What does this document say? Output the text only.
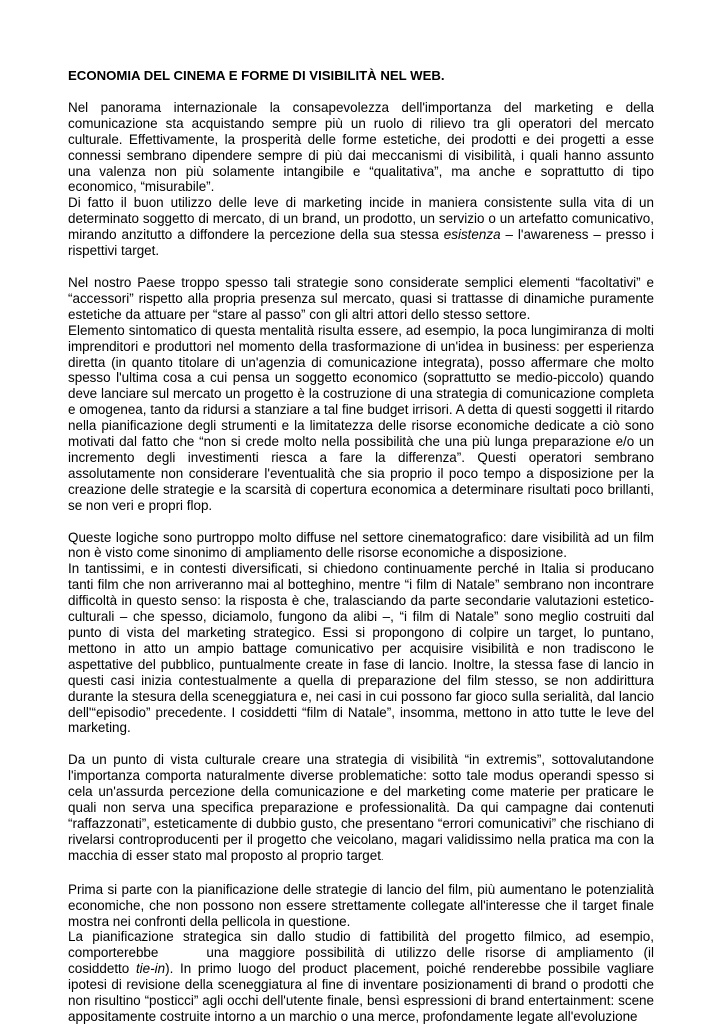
ECONOMIA DEL CINEMA E FORME DI VISIBILITÀ NEL WEB.

Nel panorama internazionale la consapevolezza dell'importanza del marketing e della comunicazione sta acquistando sempre più un ruolo di rilievo tra gli operatori del mercato culturale. Effettivamente, la prosperità delle forme estetiche, dei prodotti e dei progetti a esse connessi sembrano dipendere sempre di più dai meccanismi di visibilità, i quali hanno assunto una valenza non più solamente intangibile e “qualitativa”, ma anche e soprattutto di tipo economico, “misurabile”.

Di fatto il buon utilizzo delle leve di marketing incide in maniera consistente sulla vita di un determinato soggetto di mercato, di un brand, un prodotto, un servizio o un artefatto comunicativo, mirando anzitutto a diffondere la percezione della sua stessa esistenza – l'awareness – presso i rispettivi target.

Nel nostro Paese troppo spesso tali strategie sono considerate semplici elementi “facoltativi” e “accessori” rispetto alla propria presenza sul mercato, quasi si trattasse di dinamiche puramente estetiche da attuare per “stare al passo” con gli altri attori dello stesso settore.

Elemento sintomatico di questa mentalità risulta essere, ad esempio, la poca lungimiranza di molti imprenditori e produttori nel momento della trasformazione di un'idea in business: per esperienza diretta (in quanto titolare di un'agenzia di comunicazione integrata), posso affermare che molto spesso l'ultima cosa a cui pensa un soggetto economico (soprattutto se medio-piccolo) quando deve lanciare sul mercato un progetto è la costruzione di una strategia di comunicazione completa e omogenea, tanto da ridursi a stanziare a tal fine budget irrisori. A detta di questi soggetti il ritardo nella pianificazione degli strumenti e la limitatezza delle risorse economiche dedicate a ciò sono motivati dal fatto che “non si crede molto nella possibilità che una più lunga preparazione e/o un incremento degli investimenti riesca a fare la differenza”. Questi operatori sembrano assolutamente non considerare l'eventualità che sia proprio il poco tempo a disposizione per la creazione delle strategie e la scarsità di copertura economica a determinare risultati poco brillanti, se non veri e propri flop.

Queste logiche sono purtroppo molto diffuse nel settore cinematografico: dare visibilità ad un film non è visto come sinonimo di ampliamento delle risorse economiche a disposizione.

In tantissimi, e in contesti diversificati, si chiedono continuamente perché in Italia si producano tanti film che non arriveranno mai al botteghino, mentre “i film di Natale” sembrano non incontrare difficoltà in questo senso: la risposta è che, tralasciando da parte secondarie valutazioni estetico-culturali – che spesso, diciamolo, fungono da alibi –, “i film di Natale” sono meglio costruiti dal punto di vista del marketing strategico. Essi si propongono di colpire un target, lo puntano, mettono in atto un ampio battage comunicativo per acquisire visibilità e non tradiscono le aspettative del pubblico, puntualmente create in fase di lancio. Inoltre, la stessa fase di lancio in questi casi inizia contestualmente a quella di preparazione del film stesso, se non addirittura durante la stesura della sceneggiatura e, nei casi in cui possono far gioco sulla serialità, dal lancio dell'“episodio” precedente. I cosiddetti “film di Natale”, insomma, mettono in atto tutte le leve del marketing.

Da un punto di vista culturale creare una strategia di visibilità “in extremis”, sottovalutandone l'importanza comporta naturalmente diverse problematiche: sotto tale modus operandi spesso si cela un'assurda percezione della comunicazione e del marketing come materie per praticare le quali non serva una specifica preparazione e professionalità. Da qui campagne dai contenuti “raffazzonati”, esteticamente di dubbio gusto, che presentano “errori comunicativi” che rischiano di rivelarsi controproducenti per il progetto che veicolano, magari validissimo nella pratica ma con la macchia di esser stato mal proposto al proprio target.

Prima si parte con la pianificazione delle strategie di lancio del film, più aumentano le potenzialità economiche, che non possono non essere strettamente collegate all'interesse che il target finale mostra nei confronti della pellicola in questione.

La pianificazione strategica sin dallo studio di fattibilità del progetto filmico, ad esempio, comporterebbe	una maggiore possibilità di utilizzo delle risorse di ampliamento (il cosiddetto tie-in). In primo luogo del product placement, poiché renderebbe possibile vagliare ipotesi di revisione della sceneggiatura al fine di inventare posizionamenti di brand o prodotti che non risultino “posticci” agli occhi dell'utente finale, bensì espressioni di brand entertainment: scene appositamente costruite intorno a un marchio o una merce, profondamente legate all'evoluzione
